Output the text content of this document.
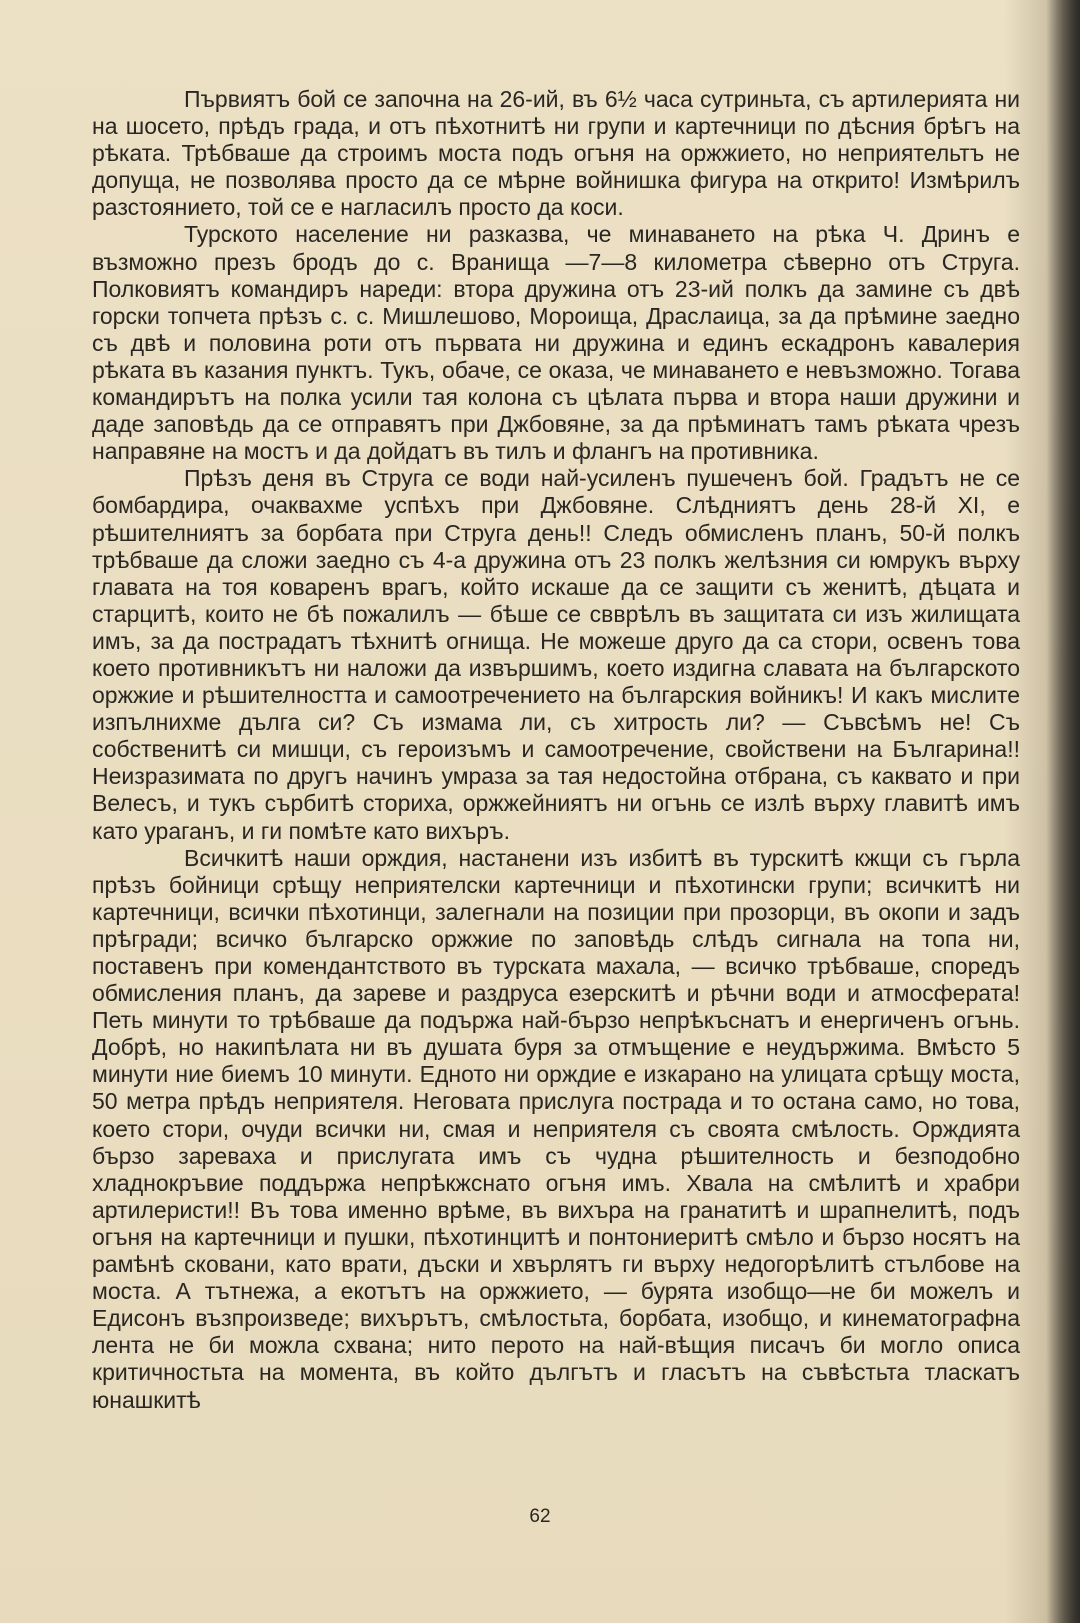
Първиятъ бой се започна на 26-ий, въ 6½ часа сутриньта, съ артилерията ни на шосето, прѣдъ града, и отъ пѣхотнитѣ ни групи и картечници по дѣсния брѣгъ на рѣката. Трѣбваше да строимъ моста подъ огъня на оржжието, но неприятельтъ не допуща, не позволява просто да се мѣрне войнишка фигура на открито! Измѣрилъ разстоянието, той се е нагласилъ просто да коси.

Турското население ни разказва, че минаването на рѣка Ч. Дринъ е възможно презъ бродъ до с. Вранища —7—8 километра сѣверно отъ Струга. Полковиятъ командиръ нареди: втора дружина отъ 23-ий полкъ да замине съ двѣ горски топчета прѣзъ с. с. Мишлешово, Мороища, Драслаица, за да прѣмине заедно съ двѣ и половина роти отъ първата ни дружина и единъ ескадронъ кавалерия рѣката въ казания пунктъ. Тукъ, обаче, се оказа, че минаването е невъзможно. Тогава командирътъ на полка усили тая колона съ цѣлата първа и втора наши дружини и даде заповѣдь да се отправятъ при Джбовяне, за да прѣминатъ тамъ рѣката чрезъ направяне на мостъ и да дойдатъ въ тилъ и флангъ на противника.

Прѣзъ деня въ Струга се води най-усиленъ пушеченъ бой. Градътъ не се бомбардира, очаквахме успѣхъ при Джбовяне. Слѣдниятъ день 28-й XI, е рѣшителниятъ за борбата при Струга день!! Следъ обмисленъ планъ, 50-й полкъ трѣбваше да сложи заедно съ 4-а дружина отъ 23 полкъ желѣзния си юмрукъ върху главата на тоя коваренъ врагъ, който искаше да се защити съ женитѣ, дѣцата и старцитѣ, които не бѣ пожалилъ — бѣше се свврѣлъ въ защитата си изъ жилищата имъ, за да пострадатъ тѣхнитѣ огнища. Не можеше друго да са стори, освенъ това което противникътъ ни наложи да извършимъ, което издигна славата на българското оржжие и рѣшителността и самоотречението на българския войникъ! И какъ мислите изпълнихме дълга си? Съ измама ли, съ хитрость ли? — Съвсѣмъ не! Съ собственитѣ си мишци, съ героизъмъ и самоотречение, свойствени на Българина!! Неизразимата по другъ начинъ умраза за тая недостойна отбрана, съ каквато и при Велесъ, и тукъ сърбитѣ сториха, оржжейниятъ ни огънь се излѣ върху главитѣ имъ като ураганъ, и ги помѣте като вихъръ.

Всичкитѣ наши орждия, настанени изъ избитѣ въ турскитѣ кжщи съ гърла прѣзъ бойници срѣщу неприятелски картечници и пѣхотински групи; всичкитѣ ни картечници, всички пѣхотинци, залегнали на позиции при прозорци, въ окопи и задъ прѣгради; всичко българско оржжие по заповѣдь слѣдъ сигнала на топа ни, поставенъ при комендантството въ турската махала, — всичко трѣбваше, споредъ обмисления планъ, да зареве и раздруса езерскитѣ и рѣчни води и атмосферата! Петь минути то трѣбваше да подържа най-бързо непрѣкъснатъ и енергиченъ огънь. Добрѣ, но накипѣлата ни въ душата буря за отмъщение е неудържима. Вмѣсто 5 минути ние биемъ 10 минути. Едното ни орждие е изкарано на улицата срѣщу моста, 50 метра прѣдъ неприятеля. Неговата прислуга пострада и то остана само, но това, което стори, очуди всички ни, смая и неприятеля съ своята смѣлость. Орждията бързо зареваха и прислугата имъ съ чудна рѣшителность и безподобно хладнокръвие поддържа непрѣкжснато огъня имъ. Хвала на смѣлитѣ и храбри артилеристи!! Въ това именно врѣме, въ вихъра на гранатитѣ и шрапнелитѣ, подъ огъня на картечници и пушки, пѣхотинцитѣ и понтониеритѣ смѣло и бързо носятъ на рамѣнѣ сковани, като врати, дъски и хвърлятъ ги върху недогорѣлитѣ стълбове на моста. А тътнежа, а екотътъ на оржжието, — бурята изобщо—не би можелъ и Едисонъ възпроизведе; вихърътъ, смѣлостьта, борбата, изобщо, и кинематографна лента не би можла схвана; нито перото на най-вѣщия писачъ би могло описа критичностьта на момента, въ който дългътъ и гласътъ на съвѣстьта тласкатъ юнашкитѣ

62
